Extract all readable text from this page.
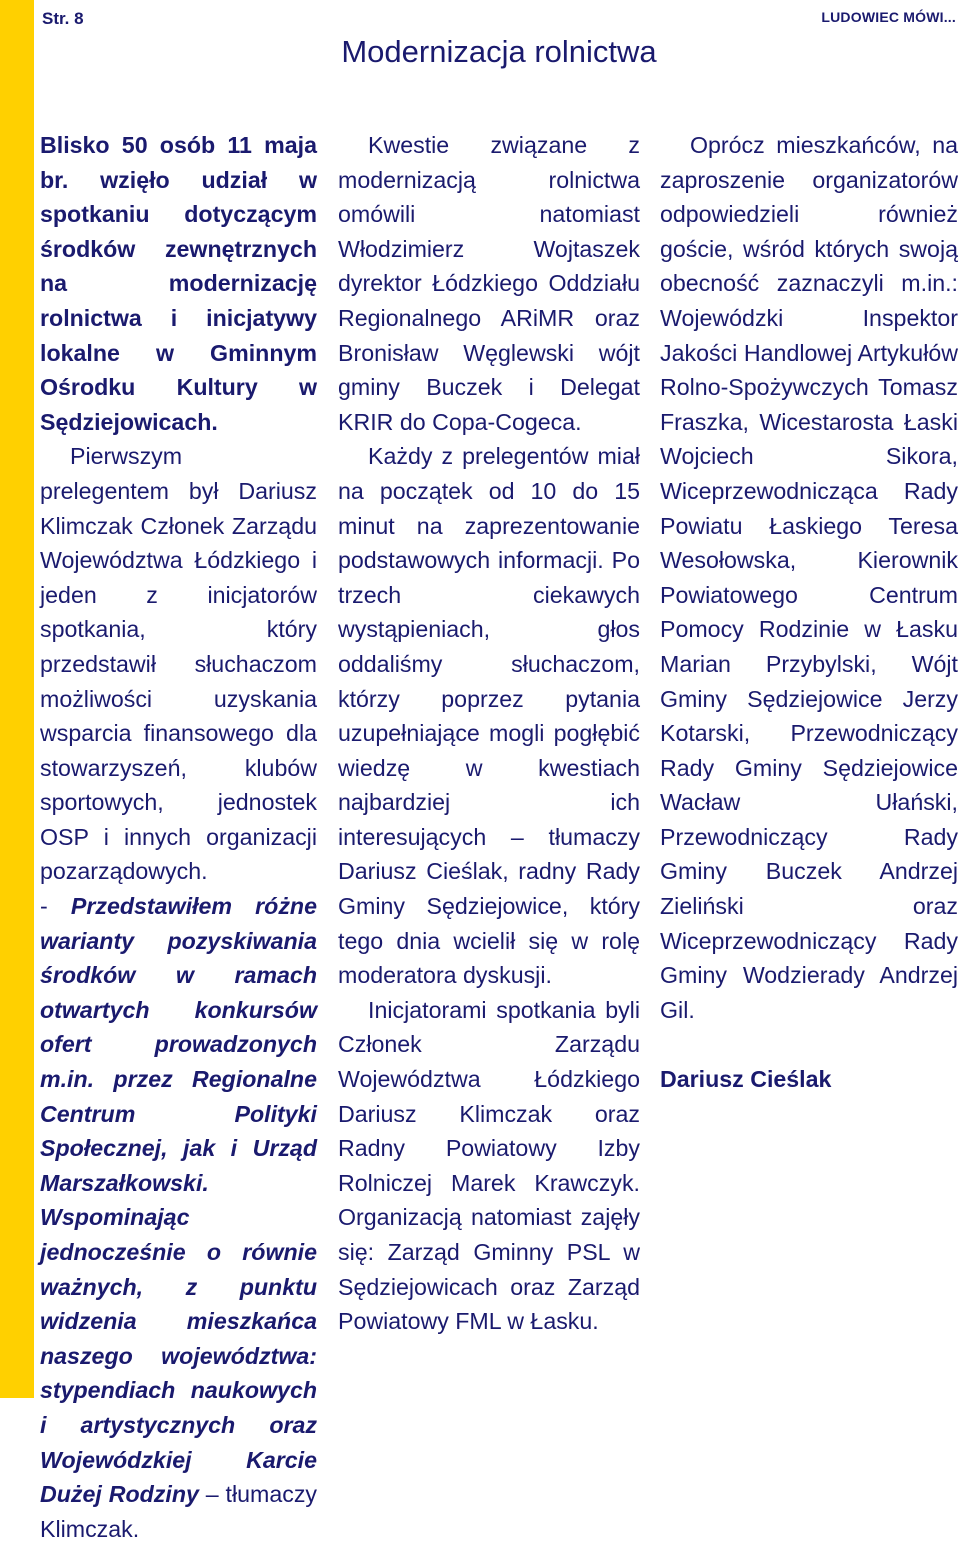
Str. 8	LUDOWIEC MÓWI...
Modernizacja rolnictwa

Blisko 50 osób 11 maja br. wzięło udział w spotkaniu dotyczącym środków zewnętrznych na modernizację rolnictwa i inicjatywy lokalne w Gminnym Ośrodku Kultury w Sędziejowicach.

Pierwszym prelegentem był Dariusz Klimczak Członek Zarządu Województwa Łódzkiego i jeden z inicjatorów spotkania, który przedstawił słuchaczom możliwości uzyskania wsparcia finansowego dla stowarzyszeń, klubów sportowych, jednostek OSP i innych organizacji pozarządowych.

- Przedstawiłem różne warianty pozyskiwania środków w ramach otwartych konkursów ofert prowadzonych m.in. przez Regionalne Centrum Polityki Społecznej, jak i Urząd Marszałkowski. Wspominając jednocześnie o równie ważnych, z punktu widzenia mieszkańca naszego województwa: stypendiach naukowych i artystycznych oraz Wojewódzkiej Karcie Dużej Rodziny – tłumaczy Klimczak.

Kwestie związane z modernizacją rolnictwa omówili natomiast Włodzimierz Wojtaszek dyrektor Łódzkiego Oddziału Regionalnego ARiMR oraz Bronisław Węglewski wójt gminy Buczek i Delegat KRIR do Copa-Cogeca.

Każdy z prelegentów miał na początek od 10 do 15 minut na zaprezentowanie podstawowych informacji. Po trzech ciekawych wystąpieniach, głos oddaliśmy słuchaczom, którzy poprzez pytania uzupełniające mogli pogłębić wiedzę w kwestiach najbardziej ich interesujących – tłumaczy Dariusz Cieślak, radny Rady Gminy Sędziejowice, który tego dnia wcielił się w rolę moderatora dyskusji.

Inicjatorami spotkania byli Członek Zarządu Województwa Łódzkiego Dariusz Klimczak oraz Radny Powiatowy Izby Rolniczej Marek Krawczyk. Organizacją natomiast zajęły się: Zarząd Gminny PSL w Sędziejowicach oraz Zarząd Powiatowy FML w Łasku.

Oprócz mieszkańców, na zaproszenie organizatorów odpowiedzieli również goście, wśród których swoją obecność zaznaczyli m.in.: Wojewódzki Inspektor Jakości Handlowej Artykułów Rolno-Spożywczych Tomasz Fraszka, Wicestarosta Łaski Wojciech Sikora, Wiceprzewodnicząca Rady Powiatu Łaskiego Teresa Wesołowska, Kierownik Powiatowego Centrum Pomocy Rodzinie w Łasku Marian Przybylski, Wójt Gminy Sędziejowice Jerzy Kotarski, Przewodniczący Rady Gminy Sędziejowice Wacław Ułański, Przewodniczący Rady Gminy Buczek Andrzej Zieliński oraz Wiceprzewodniczący Rady Gminy Wodzierady Andrzej Gil.

Dariusz Cieślak
